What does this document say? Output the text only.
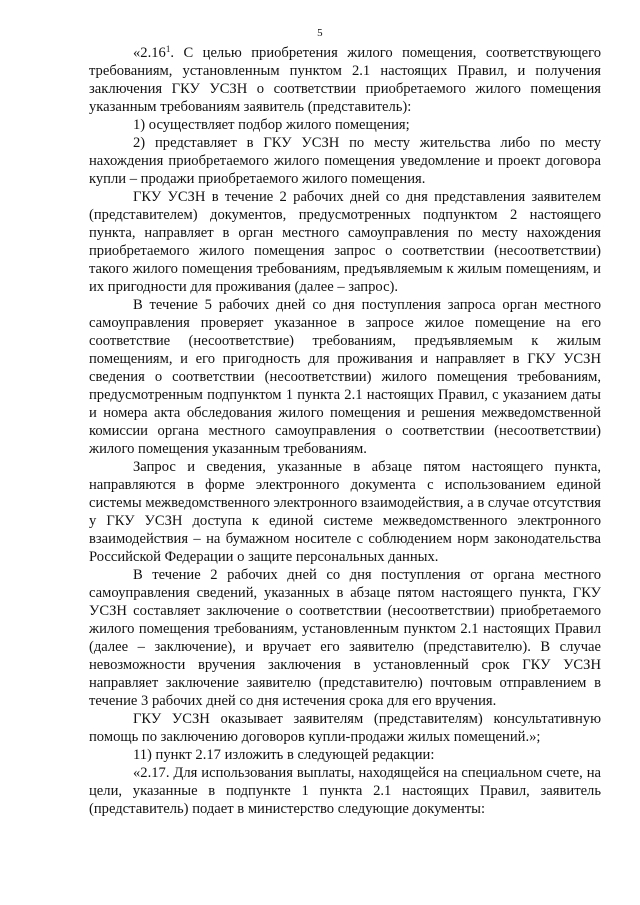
5

«2.16$^1$. С целью приобретения жилого помещения, соответствующего требованиям, установленным пунктом 2.1 настоящих Правил, и получения заключения ГКУ УСЗН о соответствии приобретаемого жилого помещения указанным требованиям заявитель (представитель):

1) осуществляет подбор жилого помещения;

2) представляет в ГКУ УСЗН по месту жительства либо по месту нахождения приобретаемого жилого помещения уведомление и проект договора купли – продажи приобретаемого жилого помещения.

ГКУ УСЗН в течение 2 рабочих дней со дня представления заявителем (представителем) документов, предусмотренных подпунктом 2 настоящего пункта, направляет в орган местного самоуправления по месту нахождения приобретаемого жилого помещения запрос о соответствии (несоответствии) такого жилого помещения требованиям, предъявляемым к жилым помещениям, и их пригодности для проживания (далее – запрос).

В течение 5 рабочих дней со дня поступления запроса орган местного самоуправления проверяет указанное в запросе жилое помещение на его соответствие (несоответствие) требованиям, предъявляемым к жилым помещениям, и его пригодность для проживания и направляет в ГКУ УСЗН сведения о соответствии (несоответствии) жилого помещения требованиям, предусмотренным подпунктом 1 пункта 2.1 настоящих Правил, с указанием даты и номера акта обследования жилого помещения и решения межведомственной комиссии органа местного самоуправления о соответствии (несоответствии) жилого помещения указанным требованиям.

Запрос и сведения, указанные в абзаце пятом настоящего пункта, направляются в форме электронного документа с использованием единой системы межведомственного электронного взаимодействия, а в случае отсутствия у ГКУ УСЗН доступа к единой системе межведомственного электронного взаимодействия – на бумажном носителе с соблюдением норм законодательства Российской Федерации о защите персональных данных.

В течение 2 рабочих дней со дня поступления от органа местного самоуправления сведений, указанных в абзаце пятом настоящего пункта, ГКУ УСЗН составляет заключение о соответствии (несоответствии) приобретаемого жилого помещения требованиям, установленным пунктом 2.1 настоящих Правил (далее – заключение), и вручает его заявителю (представителю). В случае невозможности вручения заключения в установленный срок ГКУ УСЗН направляет заключение заявителю (представителю) почтовым отправлением в течение 3 рабочих дней со дня истечения срока для его вручения.

ГКУ УСЗН оказывает заявителям (представителям) консультативную помощь по заключению договоров купли-продажи жилых помещений.»;

11) пункт 2.17 изложить в следующей редакции:

«2.17. Для использования выплаты, находящейся на специальном счете, на цели, указанные в подпункте 1 пункта 2.1 настоящих Правил, заявитель (представитель) подает в министерство следующие документы:
